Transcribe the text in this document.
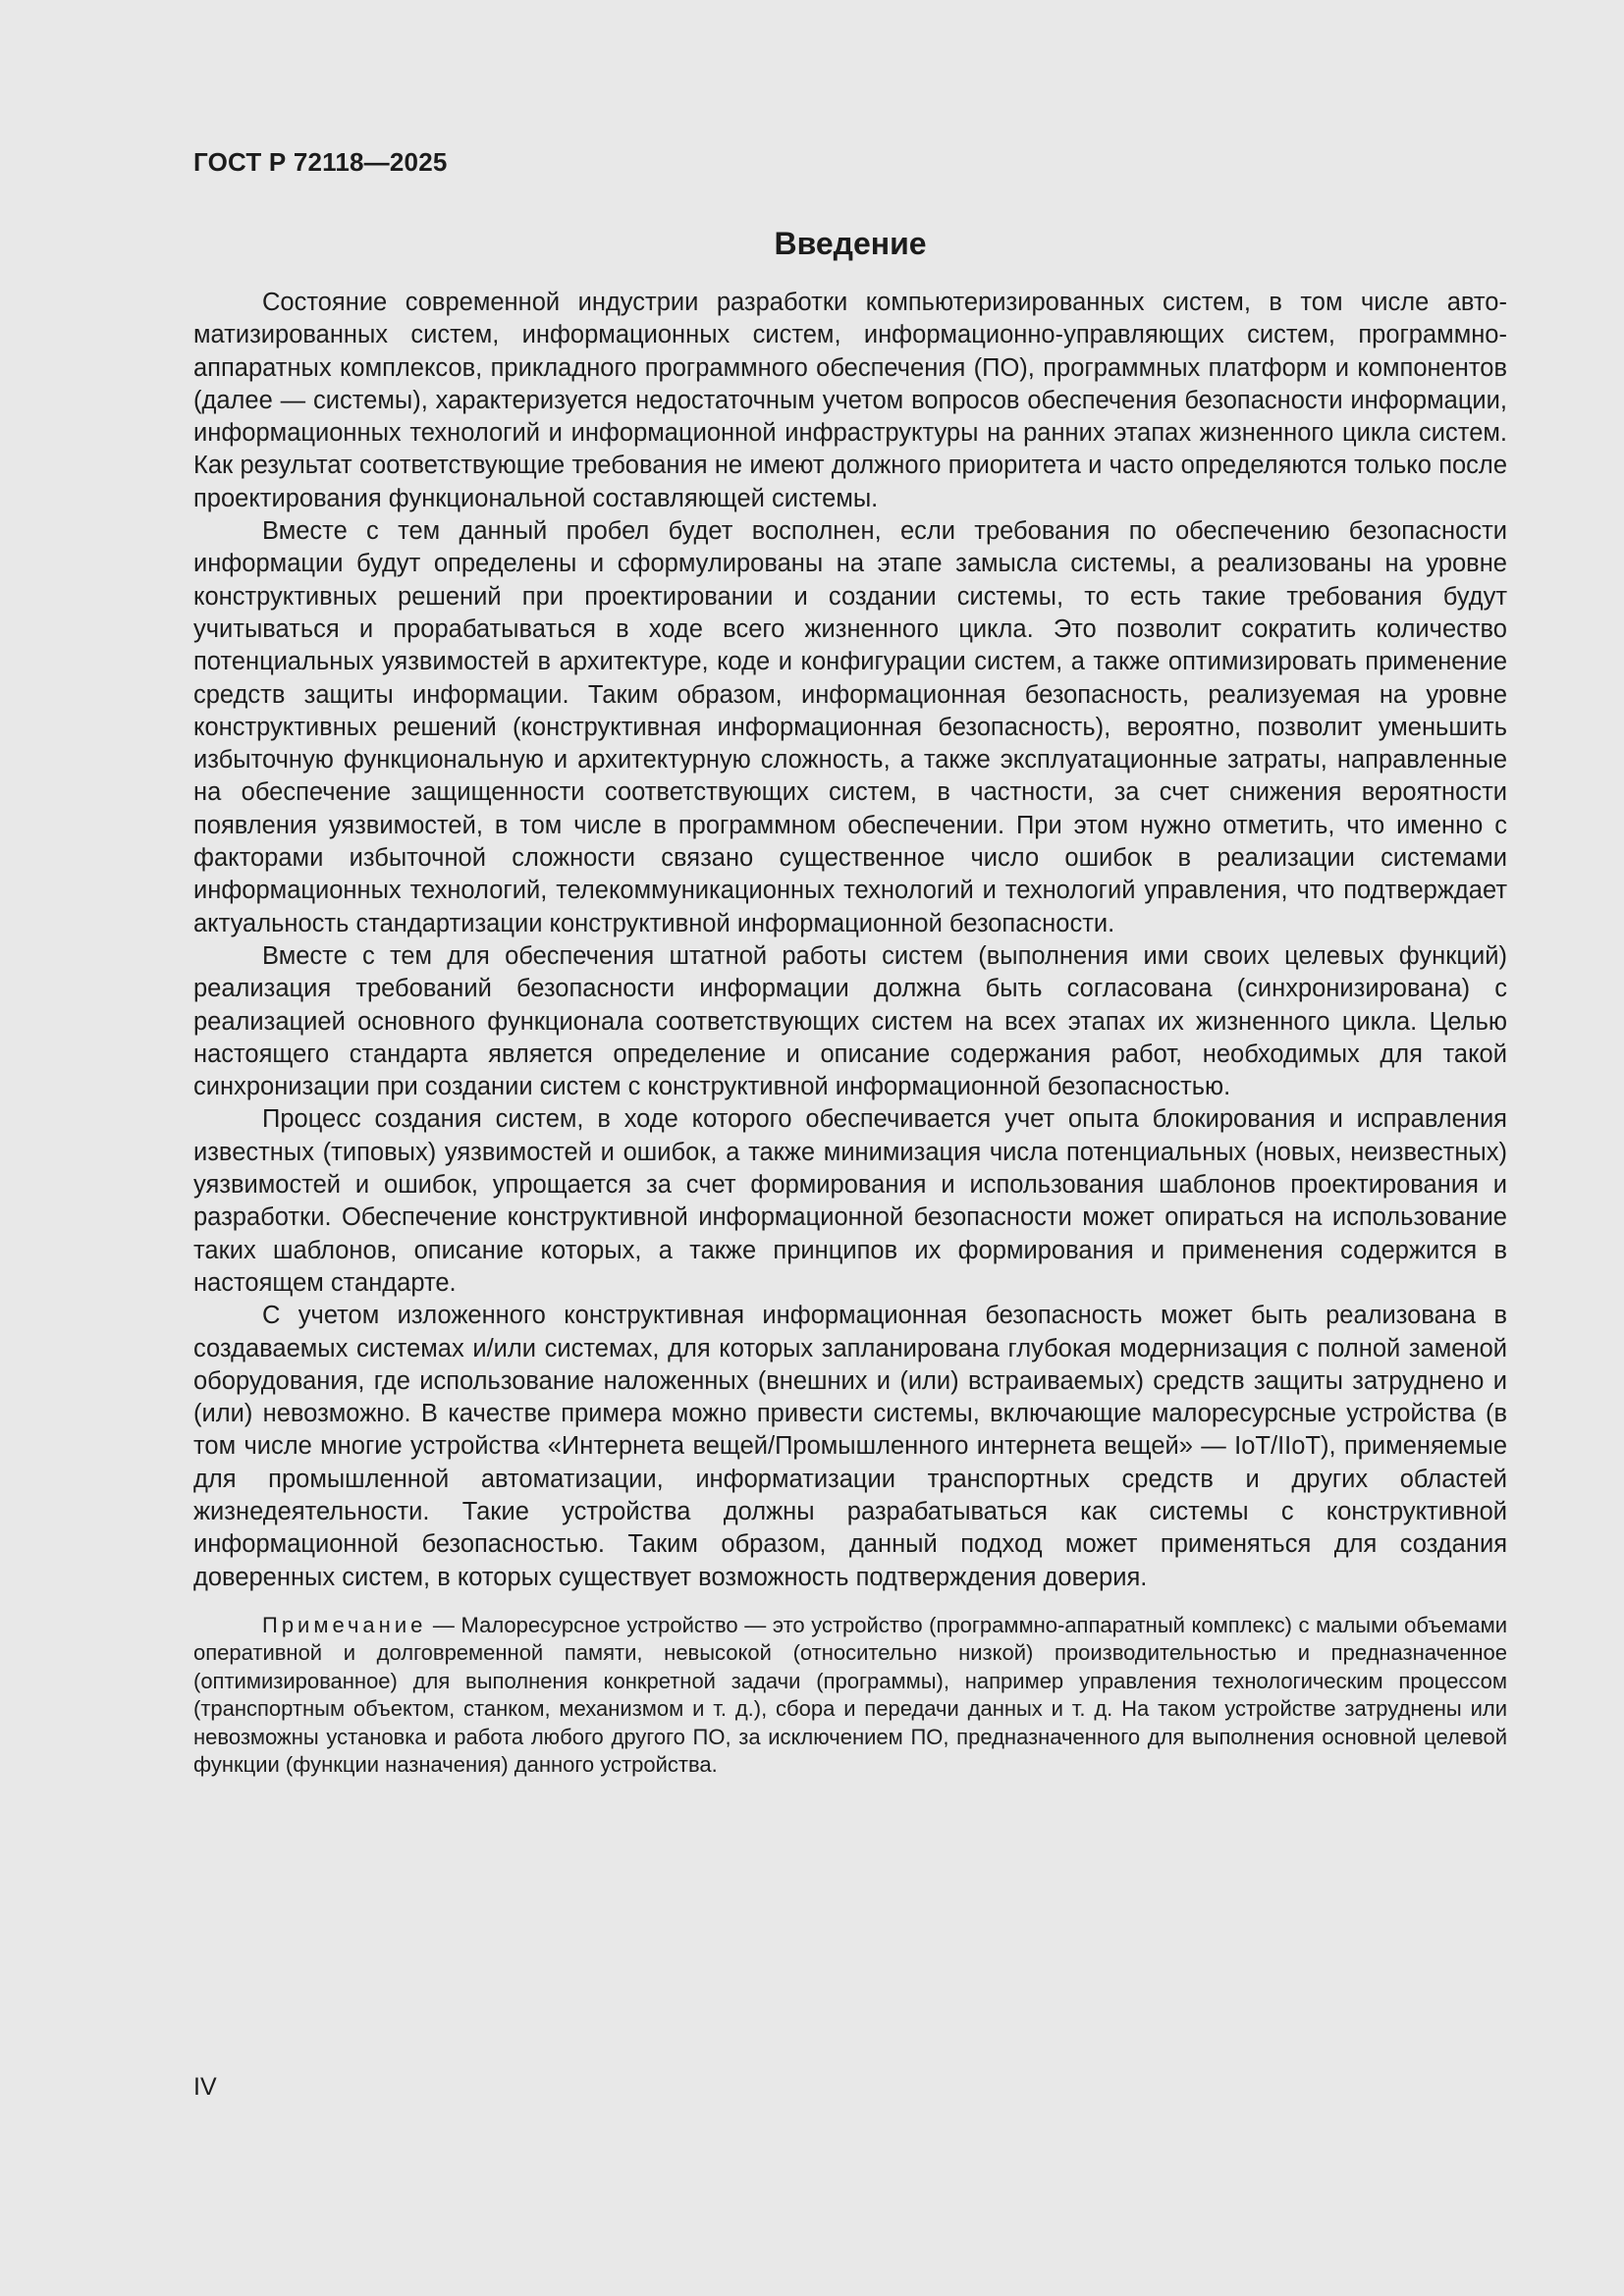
ГОСТ Р 72118—2025
Введение

Состояние современной индустрии разработки компьютеризированных систем, в том числе автоматизированных систем, информационных систем, информационно-управляющих систем, программно-аппаратных комплексов, прикладного программного обеспечения (ПО), программных платформ и компонентов (далее — системы), характеризуется недостаточным учетом вопросов обеспечения безопасности информации, информационных технологий и информационной инфраструктуры на ранних этапах жизненного цикла систем. Как результат соответствующие требования не имеют должного приоритета и часто определяются только после проектирования функциональной составляющей системы.

Вместе с тем данный пробел будет восполнен, если требования по обеспечению безопасности информации будут определены и сформулированы на этапе замысла системы, а реализованы на уровне конструктивных решений при проектировании и создании системы, то есть такие требования будут учитываться и прорабатываться в ходе всего жизненного цикла. Это позволит сократить количество потенциальных уязвимостей в архитектуре, коде и конфигурации систем, а также оптимизировать применение средств защиты информации. Таким образом, информационная безопасность, реализуемая на уровне конструктивных решений (конструктивная информационная безопасность), вероятно, позволит уменьшить избыточную функциональную и архитектурную сложность, а также эксплуатационные затраты, направленные на обеспечение защищенности соответствующих систем, в частности, за счет снижения вероятности появления уязвимостей, в том числе в программном обеспечении. При этом нужно отметить, что именно с факторами избыточной сложности связано существенное число ошибок в реализации системами информационных технологий, телекоммуникационных технологий и технологий управления, что подтверждает актуальность стандартизации конструктивной информационной безопасности.

Вместе с тем для обеспечения штатной работы систем (выполнения ими своих целевых функций) реализация требований безопасности информации должна быть согласована (синхронизирована) с реализацией основного функционала соответствующих систем на всех этапах их жизненного цикла. Целью настоящего стандарта является определение и описание содержания работ, необходимых для такой синхронизации при создании систем с конструктивной информационной безопасностью.

Процесс создания систем, в ходе которого обеспечивается учет опыта блокирования и исправления известных (типовых) уязвимостей и ошибок, а также минимизация числа потенциальных (новых, неизвестных) уязвимостей и ошибок, упрощается за счет формирования и использования шаблонов проектирования и разработки. Обеспечение конструктивной информационной безопасности может опираться на использование таких шаблонов, описание которых, а также принципов их формирования и применения содержится в настоящем стандарте.

С учетом изложенного конструктивная информационная безопасность может быть реализована в создаваемых системах и/или системах, для которых запланирована глубокая модернизация с полной заменой оборудования, где использование наложенных (внешних и (или) встраиваемых) средств защиты затруднено и (или) невозможно. В качестве примера можно привести системы, включающие малоресурсные устройства (в том числе многие устройства «Интернета вещей/Промышленного интернета вещей» — IoT/IIoT), применяемые для промышленной автоматизации, информатизации транспортных средств и других областей жизнедеятельности. Такие устройства должны разрабатываться как системы с конструктивной информационной безопасностью. Таким образом, данный подход может применяться для создания доверенных систем, в которых существует возможность подтверждения доверия.

Примечание — Малоресурсное устройство — это устройство (программно-аппаратный комплекс) с малыми объемами оперативной и долговременной памяти, невысокой (относительно низкой) производительностью и предназначенное (оптимизированное) для выполнения конкретной задачи (программы), например управления технологическим процессом (транспортным объектом, станком, механизмом и т. д.), сбора и передачи данных и т. д. На таком устройстве затруднены или невозможны установка и работа любого другого ПО, за исключением ПО, предназначенного для выполнения основной целевой функции (функции назначения) данного устройства.

IV
